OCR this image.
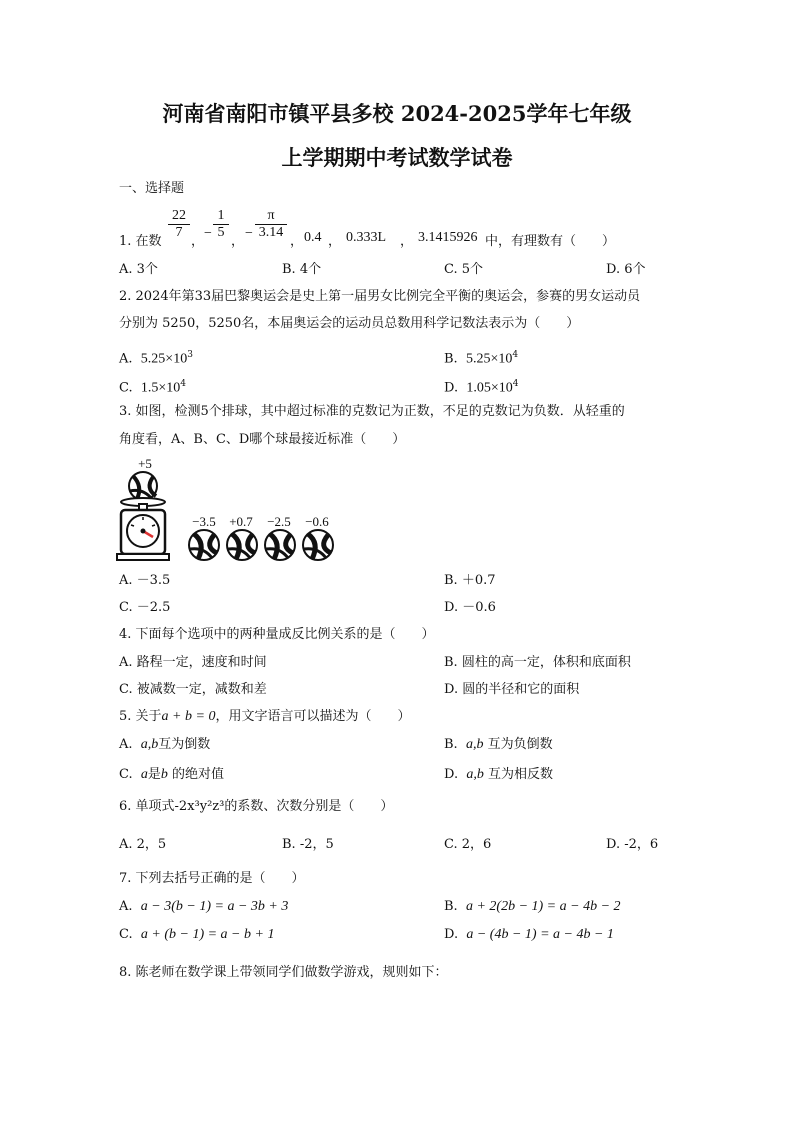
河南省南阳市镇平县多校 2024-2025学年七年级
上学期期中考试数学试卷
一、选择题
1. 在数
$\frac{22}{7}$
，
− $\frac{1}{5}$
，
− $\frac{\pi}{3.14}$
， 0.4 ， 0.333L ， 3.1415926 中，有理数有（　　）
A. 3个	B. 4个	C. 5个	D. 6个
2. 2024年第33届巴黎奥运会是史上第一届男女比例完全平衡的奥运会，参赛的男女运动员
分别为 5250，5250名，本届奥运会的运动员总数用科学记数法表示为（　　）
A. $5.25\times 10^3$	B. $5.25\times 10^4$
C. $1.5\times 10^4$	D. $1.05\times 10^4$
3. 如图，检测5个排球，其中超过标准的克数记为正数，不足的克数记为负数．从轻重的
角度看，A、B、C、D哪个球最接近标准（　　）
+5
−3.5	+0.7	−2.5	−0.6
A. －3.5	B. ＋0.7
C. －2.5	D. －0.6
4. 下面每个选项中的两种量成反比例关系的是（　　）
A. 路程一定，速度和时间	B. 圆柱的高一定，体积和底面积
C. 被减数一定，减数和差	D. 圆的半径和它的面积
5. 关于a + b = 0，用文字语言可以描述为（　　）
A. a,b互为倒数	B. a,b 互为负倒数
C. a是b 的绝对值	D. a,b 互为相反数
6. 单项式-2x³y²z³的系数、次数分别是（　　）
A. 2，5	B. -2，5	C. 2，6	D. -2，6
7. 下列去括号正确的是（　　）
A. a − 3(b − 1) = a − 3b + 3	B. a + 2(2b − 1) = a − 4b − 2
C. a + (b − 1) = a − b + 1	D. a − (4b − 1) = a − 4b − 1
8. 陈老师在数学课上带领同学们做数学游戏，规则如下：
